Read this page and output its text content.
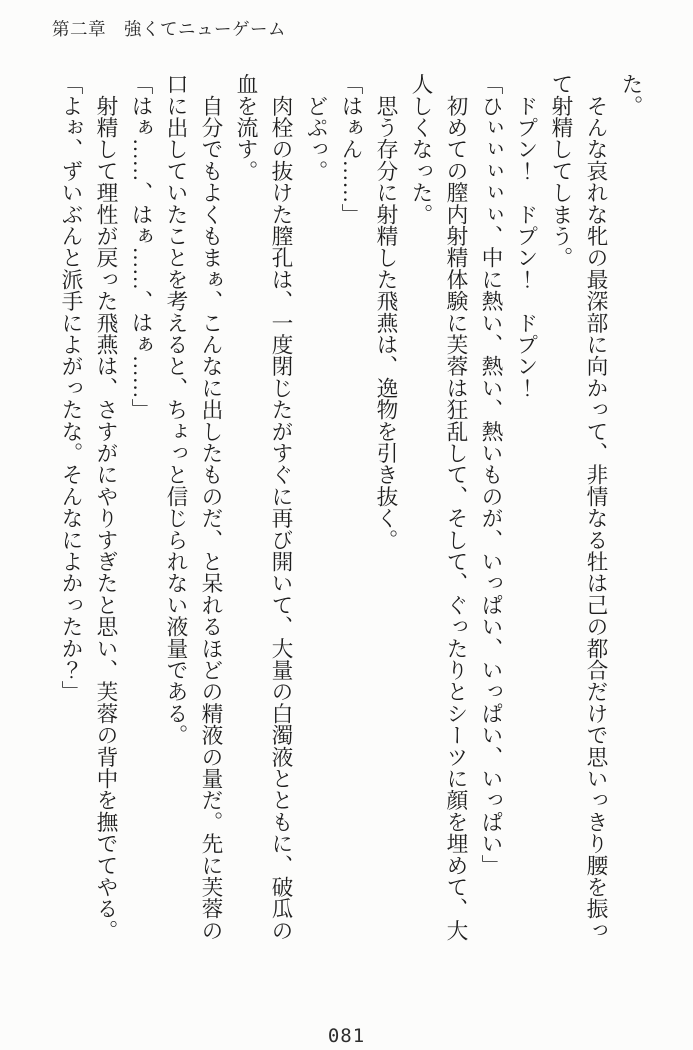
第二章　強くてニューゲーム
た。
　そんな哀れな牝の最深部に向かって、非情なる牡は己の都合だけで思いっきり腰を振っ
て射精してしまう。
　ドプン！　ドプン！　ドプン！
「ひぃぃぃぃぃ、中に熱い、熱い、熱いものが、いっぱい、いっぱい、いっぱい」
　初めての膣内射精体験に芙蓉は狂乱して、そして、ぐったりとシーツに顔を埋めて、大
人しくなった。
　思う存分に射精した飛燕は、逸物を引き抜く。
「はぁん……」
　どぷっ。
　肉栓の抜けた膣孔は、一度閉じたがすぐに再び開いて、大量の白濁液とともに、破瓜の
血を流す。
　自分でもよくもまぁ、こんなに出したものだ、と呆れるほどの精液の量だ。先に芙蓉の
口に出していたことを考えると、ちょっと信じられない液量である。
「はぁ……、はぁ……、はぁ……」
　射精して理性が戻った飛燕は、さすがにやりすぎたと思い、芙蓉の背中を撫でてやる。
「よぉ、ずいぶんと派手によがったな。そんなによかったか？」
081
